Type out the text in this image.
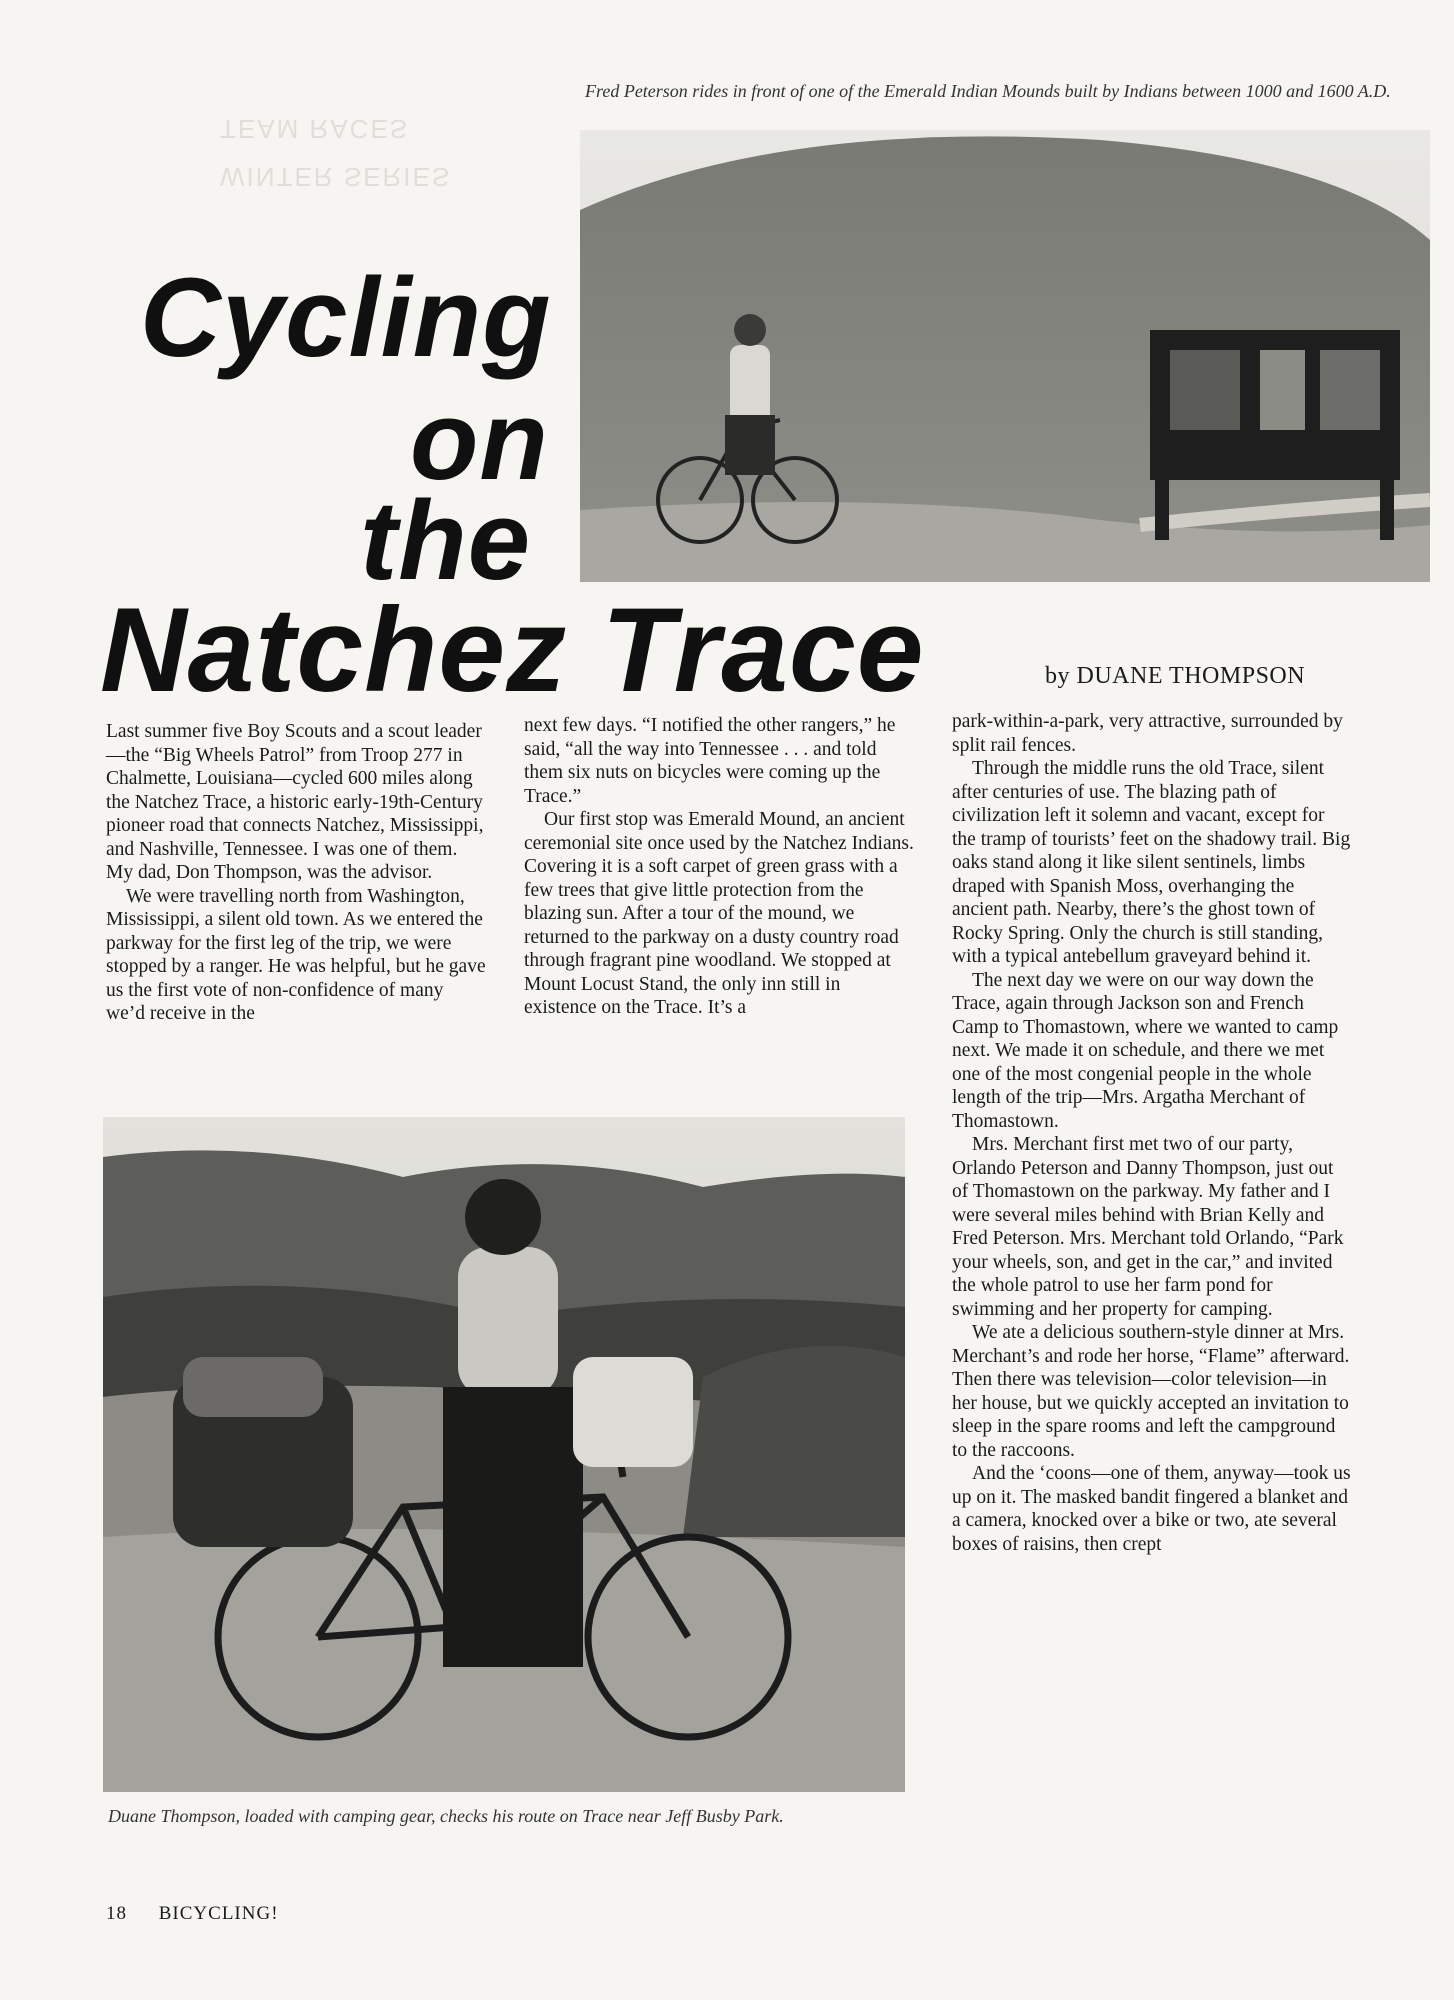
Fred Peterson rides in front of one of the Emerald Indian Mounds built by Indians between 1000 and 1600 A.D.
WINTER SERIES
TEAM RACES
Cycling
on
the
Natchez Trace	by DUANE THOMPSON

Last summer five Boy Scouts and a scout leader—the “Big Wheels Patrol” from Troop 277 in Chalmette, Louisiana—cycled 600 miles along the Natchez Trace, a historic early-19th-Century pioneer road that connects Natchez, Mississippi, and Nashville, Tennessee. I was one of them. My dad, Don Thompson, was the advisor.

We were travelling north from Washington, Mississippi, a silent old town. As we entered the parkway for the first leg of the trip, we were stopped by a ranger. He was helpful, but he gave us the first vote of non-confidence of many we’d receive in the

next few days. “I notified the other rangers,” he said, “all the way into Tennessee . . . and told them six nuts on bicycles were coming up the Trace.”

Our first stop was Emerald Mound, an ancient ceremonial site once used by the Natchez Indians. Covering it is a soft carpet of green grass with a few trees that give little protection from the blazing sun. After a tour of the mound, we returned to the parkway on a dusty country road through fragrant pine woodland. We stopped at Mount Locust Stand, the only inn still in existence on the Trace. It’s a

park-within-a-park, very attractive, surrounded by split rail fences.

Through the middle runs the old Trace, silent after centuries of use. The blazing path of civilization left it solemn and vacant, except for the tramp of tourists’ feet on the shadowy trail. Big oaks stand along it like silent sentinels, limbs draped with Spanish Moss, overhanging the ancient path. Nearby, there’s the ghost town of Rocky Spring. Only the church is still standing, with a typical antebellum graveyard behind it.

The next day we were on our way down the Trace, again through Jackson son and French Camp to Thomastown, where we wanted to camp next. We made it on schedule, and there we met one of the most congenial people in the whole length of the trip—Mrs. Argatha Merchant of Thomastown.

Mrs. Merchant first met two of our party, Orlando Peterson and Danny Thompson, just out of Thomastown on the parkway. My father and I were several miles behind with Brian Kelly and Fred Peterson. Mrs. Merchant told Orlando, “Park your wheels, son, and get in the car,” and invited the whole patrol to use her farm pond for swimming and her property for camping.

We ate a delicious southern-style dinner at Mrs. Merchant’s and rode her horse, “Flame” afterward. Then there was television—color television—in her house, but we quickly accepted an invitation to sleep in the spare rooms and left the campground to the raccoons.

And the ‘coons—one of them, anyway—took us up on it. The masked bandit fingered a blanket and a camera, knocked over a bike or two, ate several boxes of raisins, then crept

Duane Thompson, loaded with camping gear, checks his route on Trace near Jeff Busby Park.
18 BICYCLING!
